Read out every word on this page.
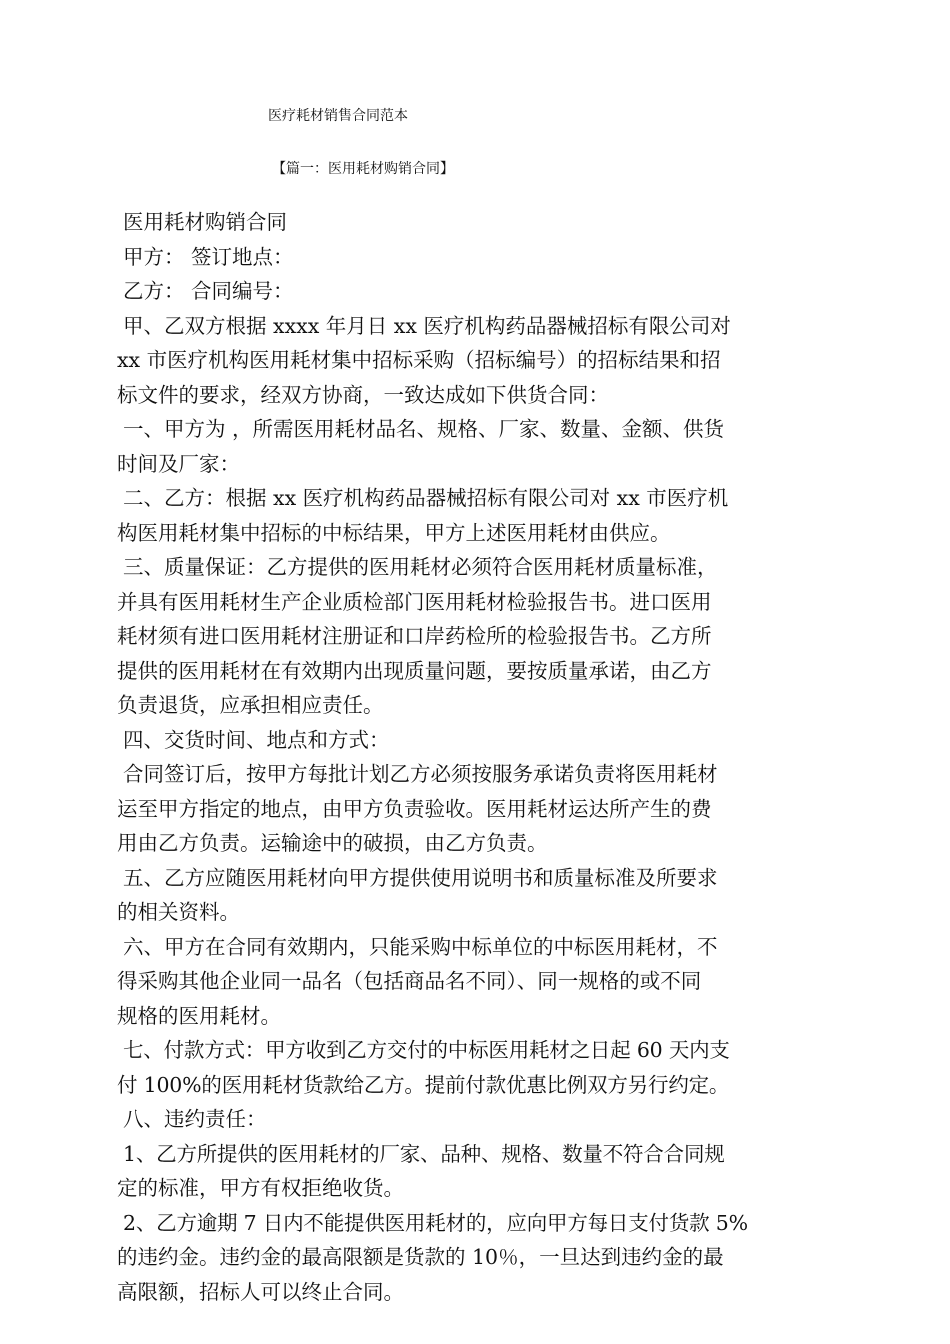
医疗耗材销售合同范本
【篇一：医用耗材购销合同】
医用耗材购销合同
甲方： 签订地点：
乙方： 合同编号：
甲、乙双方根据 xxxx 年月日 xx 医疗机构药品器械招标有限公司对
xx 市医疗机构医用耗材集中招标采购（招标编号）的招标结果和招
标文件的要求，经双方协商，一致达成如下供货合同：
一、甲方为 ，所需医用耗材品名、规格、厂家、数量、金额、供货
时间及厂家：
二、乙方：根据 xx 医疗机构药品器械招标有限公司对 xx 市医疗机
构医用耗材集中招标的中标结果，甲方上述医用耗材由供应。
三、质量保证：乙方提供的医用耗材必须符合医用耗材质量标准，
并具有医用耗材生产企业质检部门医用耗材检验报告书。进口医用
耗材须有进口医用耗材注册证和口岸药检所的检验报告书。乙方所
提供的医用耗材在有效期内出现质量问题，要按质量承诺，由乙方
负责退货，应承担相应责任。
四、交货时间、地点和方式：
合同签订后，按甲方每批计划乙方必须按服务承诺负责将医用耗材
运至甲方指定的地点，由甲方负责验收。医用耗材运达所产生的费
用由乙方负责。运输途中的破损，由乙方负责。
五、乙方应随医用耗材向甲方提供使用说明书和质量标准及所要求
的相关资料。
六、甲方在合同有效期内，只能采购中标单位的中标医用耗材，不
得采购其他企业同一品名（包括商品名不同）、同一规格的或不同
规格的医用耗材。
七、付款方式：甲方收到乙方交付的中标医用耗材之日起 60 天内支
付 100%的医用耗材货款给乙方。提前付款优惠比例双方另行约定。
八、违约责任：
1、乙方所提供的医用耗材的厂家、品种、规格、数量不符合合同规
定的标准，甲方有权拒绝收货。
2、乙方逾期 7 日内不能提供医用耗材的，应向甲方每日支付货款 5%
的违约金。违约金的最高限额是货款的 10％，一旦达到违约金的最
高限额，招标人可以终止合同。
